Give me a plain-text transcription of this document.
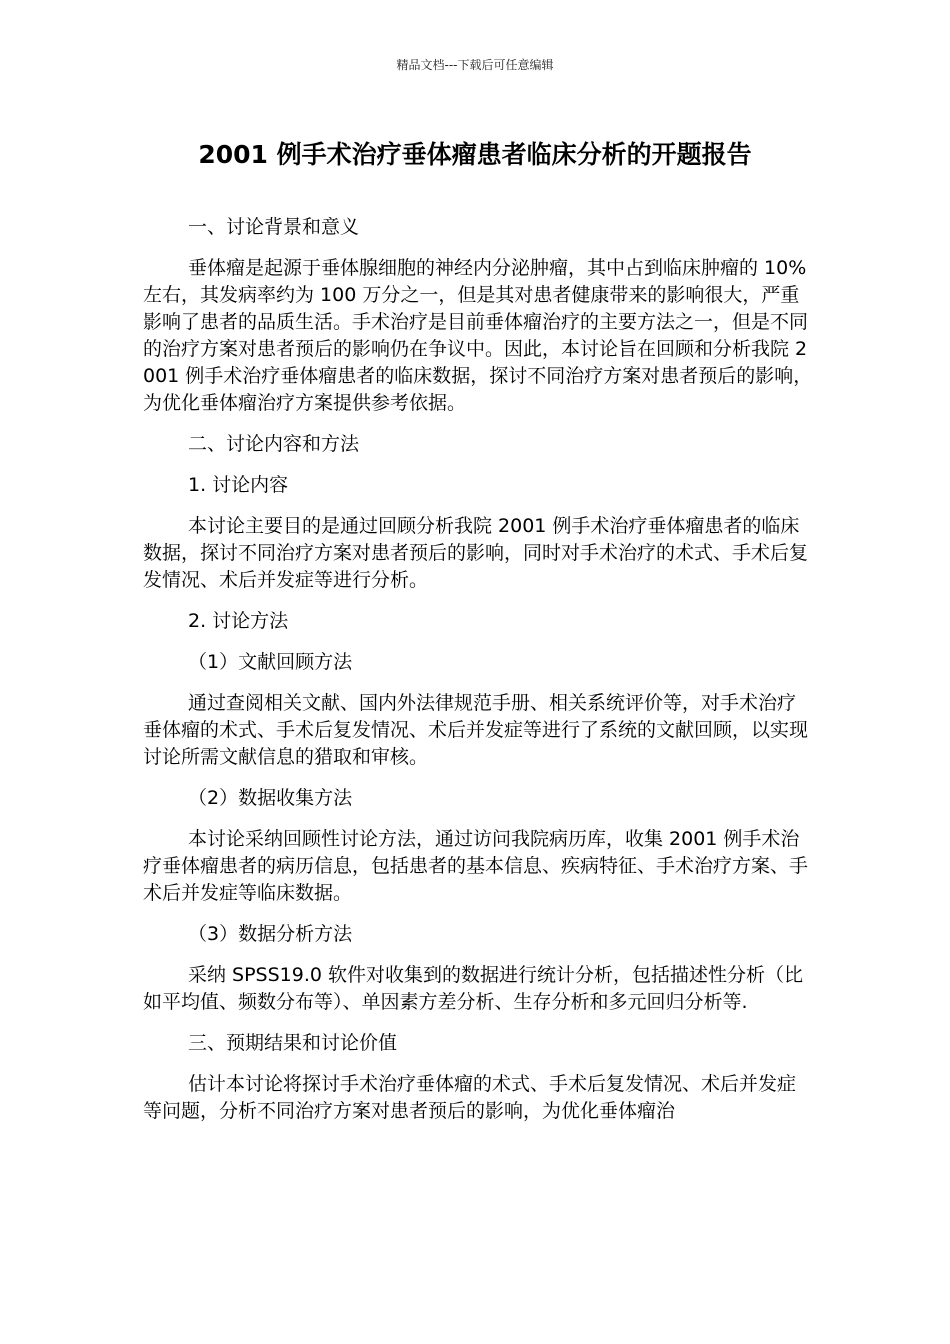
精品文档---下载后可任意编辑
2001 例手术治疗垂体瘤患者临床分析的开题报告

一、讨论背景和意义

垂体瘤是起源于垂体腺细胞的神经内分泌肿瘤，其中占到临床肿瘤的 10%左右，其发病率约为 100 万分之一，但是其对患者健康带来的影响很大，严重影响了患者的品质生活。手术治疗是目前垂体瘤治疗的主要方法之一，但是不同的治疗方案对患者预后的影响仍在争议中。因此，本讨论旨在回顾和分析我院 2001 例手术治疗垂体瘤患者的临床数据，探讨不同治疗方案对患者预后的影响，为优化垂体瘤治疗方案提供参考依据。

二、讨论内容和方法

1. 讨论内容

本讨论主要目的是通过回顾分析我院 2001 例手术治疗垂体瘤患者的临床数据，探讨不同治疗方案对患者预后的影响，同时对手术治疗的术式、手术后复发情况、术后并发症等进行分析。

2. 讨论方法

（1）文献回顾方法

通过查阅相关文献、国内外法律规范手册、相关系统评价等，对手术治疗垂体瘤的术式、手术后复发情况、术后并发症等进行了系统的文献回顾，以实现讨论所需文献信息的猎取和审核。

（2）数据收集方法

本讨论采纳回顾性讨论方法，通过访问我院病历库，收集 2001 例手术治疗垂体瘤患者的病历信息，包括患者的基本信息、疾病特征、手术治疗方案、手术后并发症等临床数据。

（3）数据分析方法

采纳 SPSS19.0 软件对收集到的数据进行统计分析，包括描述性分析（比如平均值、频数分布等）、单因素方差分析、生存分析和多元回归分析等.

三、预期结果和讨论价值

估计本讨论将探讨手术治疗垂体瘤的术式、手术后复发情况、术后并发症等问题，分析不同治疗方案对患者预后的影响，为优化垂体瘤治
